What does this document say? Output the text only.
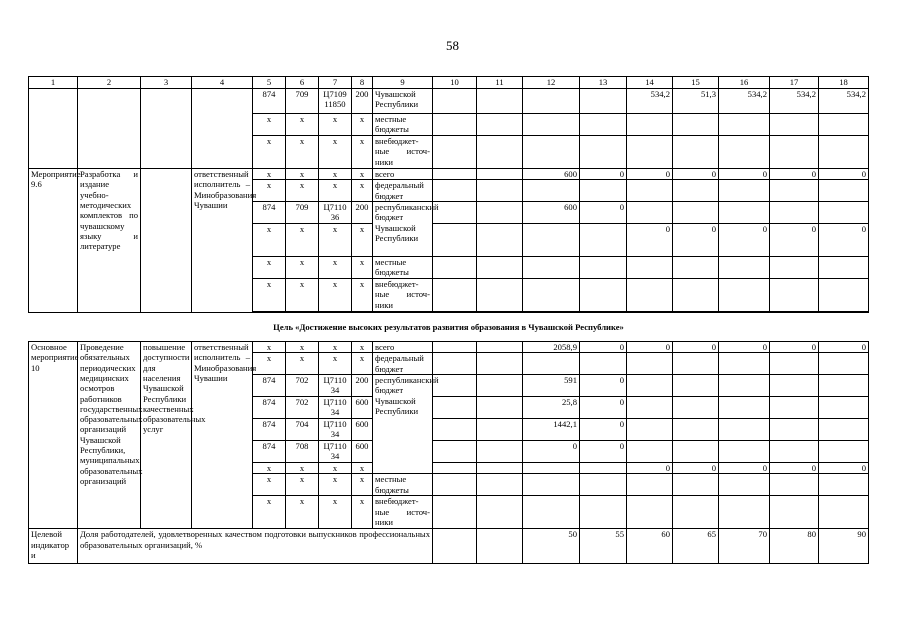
58
1	2	3	4	5	6	7	8	9	10	11	12	13	14	15	16	17	18
				874	709	Ц7109 11850	200	Чувашской Республики					534,2	51,3	534,2	534,2	534,2
				х	х	х	х	местные бюджеты									
				х	х	х	х	внебюджет-ные источ-ники									
Мероприятие 9.6	Разработка и издание учебно-методических комплектов по чувашскому языку и литературе		ответственный исполнитель – Минобразования Чувашии	х	х	х	х	всего			600	0	0	0	0	0	0
				х	х	х	х	федеральный бюджет									
				874	709	Ц7110 36	200	республиканский бюджет Чувашской Республики			600	0					
				х	х	х	х						0	0	0	0	0
				х	х	х	х	местные бюджеты									
				х	х	х	х	внебюджет-ные источ-ники									

Цель «Достижение высоких результатов развития образования в Чувашской Республике»																	
Основное мероприятие 10	Проведение обязательных периодических медицинских осмотров работников государственных образовательных организаций Чувашской Республики, муниципальных образовательных организаций	повышение доступности для населения Чувашской Республики качественных образовательных услуг	ответственный исполнитель – Минобразования Чувашии	х	х	х	х	всего			2058,9	0	0	0	0	0	0
				х	х	х	х	федеральный бюджет									
				874	702	Ц7110 34	200	республиканский бюджет Чувашской Республики			591	0					
				874	702	Ц7110 34	600				25,8	0					
				874	704	Ц7110 34	600				1442,1	0					
				874	708	Ц7110 34	600				0	0					
				х	х	х	х						0	0	0	0	0
				х	х	х	х	местные бюджеты									
				х	х	х	х	внебюджет-ные источ-ники									
Целевой индикатор и	Доля работодателей, удовлетворенных качеством подготовки выпускников профессиональных образовательных организаций, %										50	55	60	65	70	80	90
